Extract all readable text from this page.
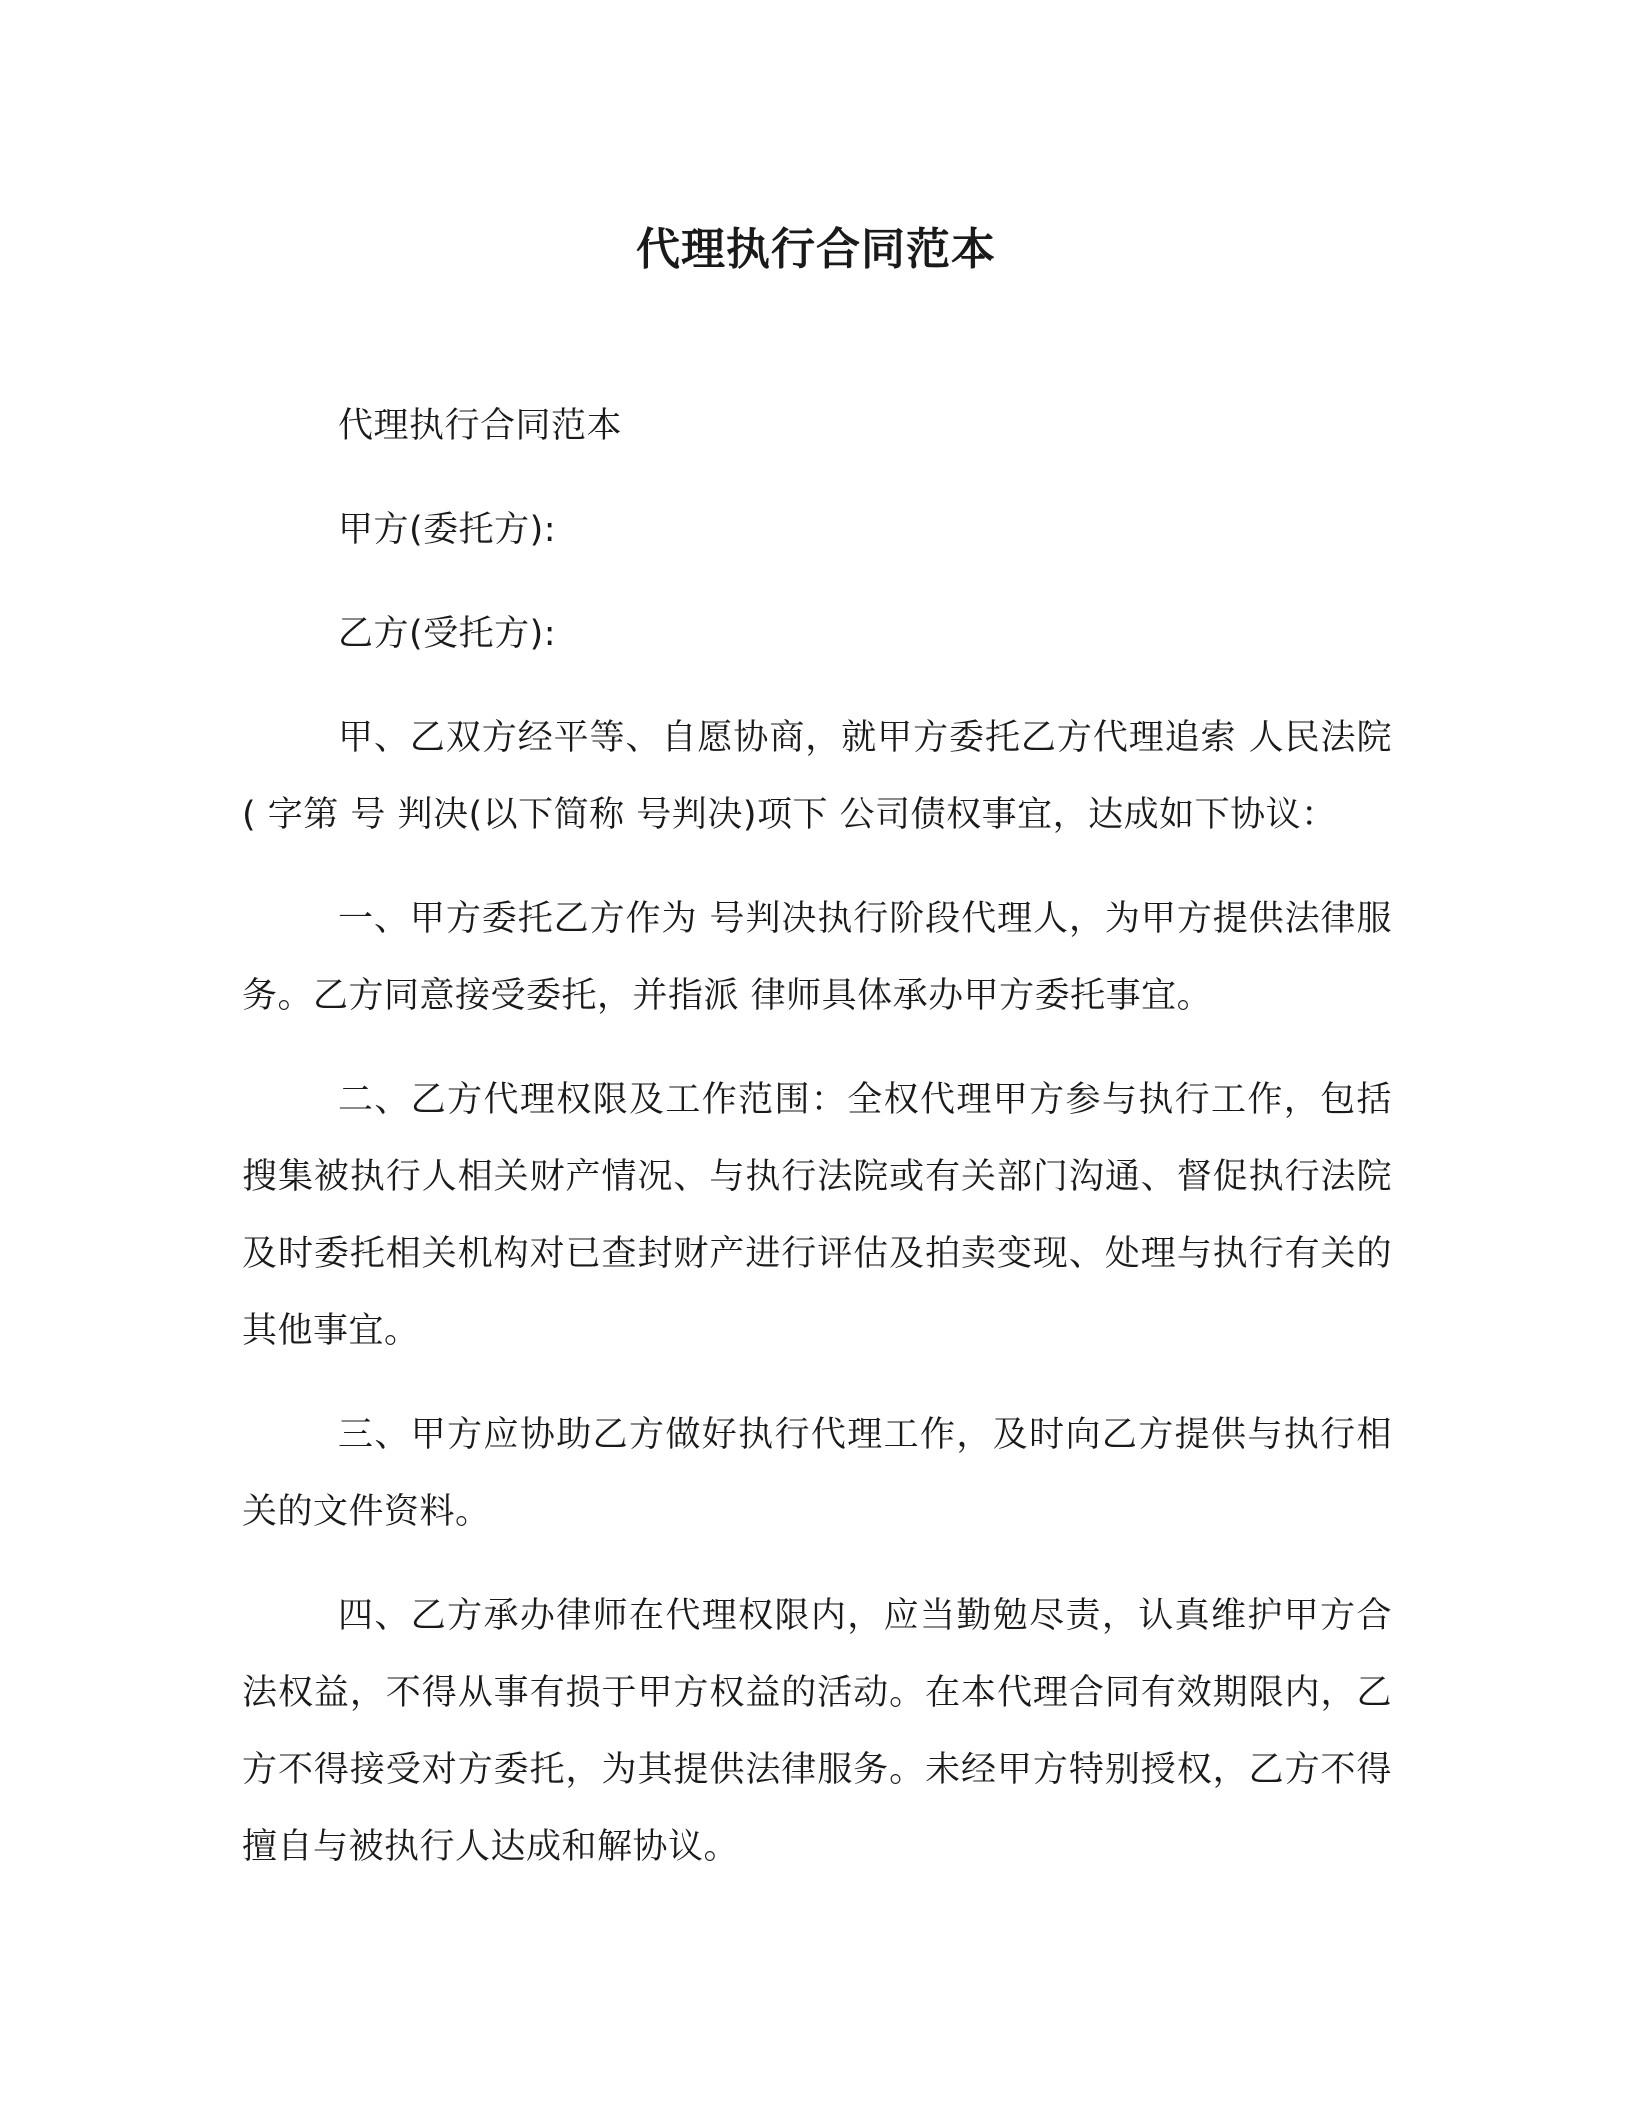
代理执行合同范本

代理执行合同范本

甲方(委托方):

乙方(受托方):

甲、乙双方经平等、自愿协商，就甲方委托乙方代理追索 人民法院( 字第 号 判决(以下简称 号判决)项下 公司债权事宜，达成如下协议：

一、甲方委托乙方作为 号判决执行阶段代理人，为甲方提供法律服务。乙方同意接受委托，并指派 律师具体承办甲方委托事宜。

二、乙方代理权限及工作范围：全权代理甲方参与执行工作，包括搜集被执行人相关财产情况、与执行法院或有关部门沟通、督促执行法院及时委托相关机构对已查封财产进行评估及拍卖变现、处理与执行有关的其他事宜。

三、甲方应协助乙方做好执行代理工作，及时向乙方提供与执行相关的文件资料。

四、乙方承办律师在代理权限内，应当勤勉尽责，认真维护甲方合法权益，不得从事有损于甲方权益的活动。在本代理合同有效期限内，乙方不得接受对方委托，为其提供法律服务。未经甲方特别授权，乙方不得擅自与被执行人达成和解协议。
